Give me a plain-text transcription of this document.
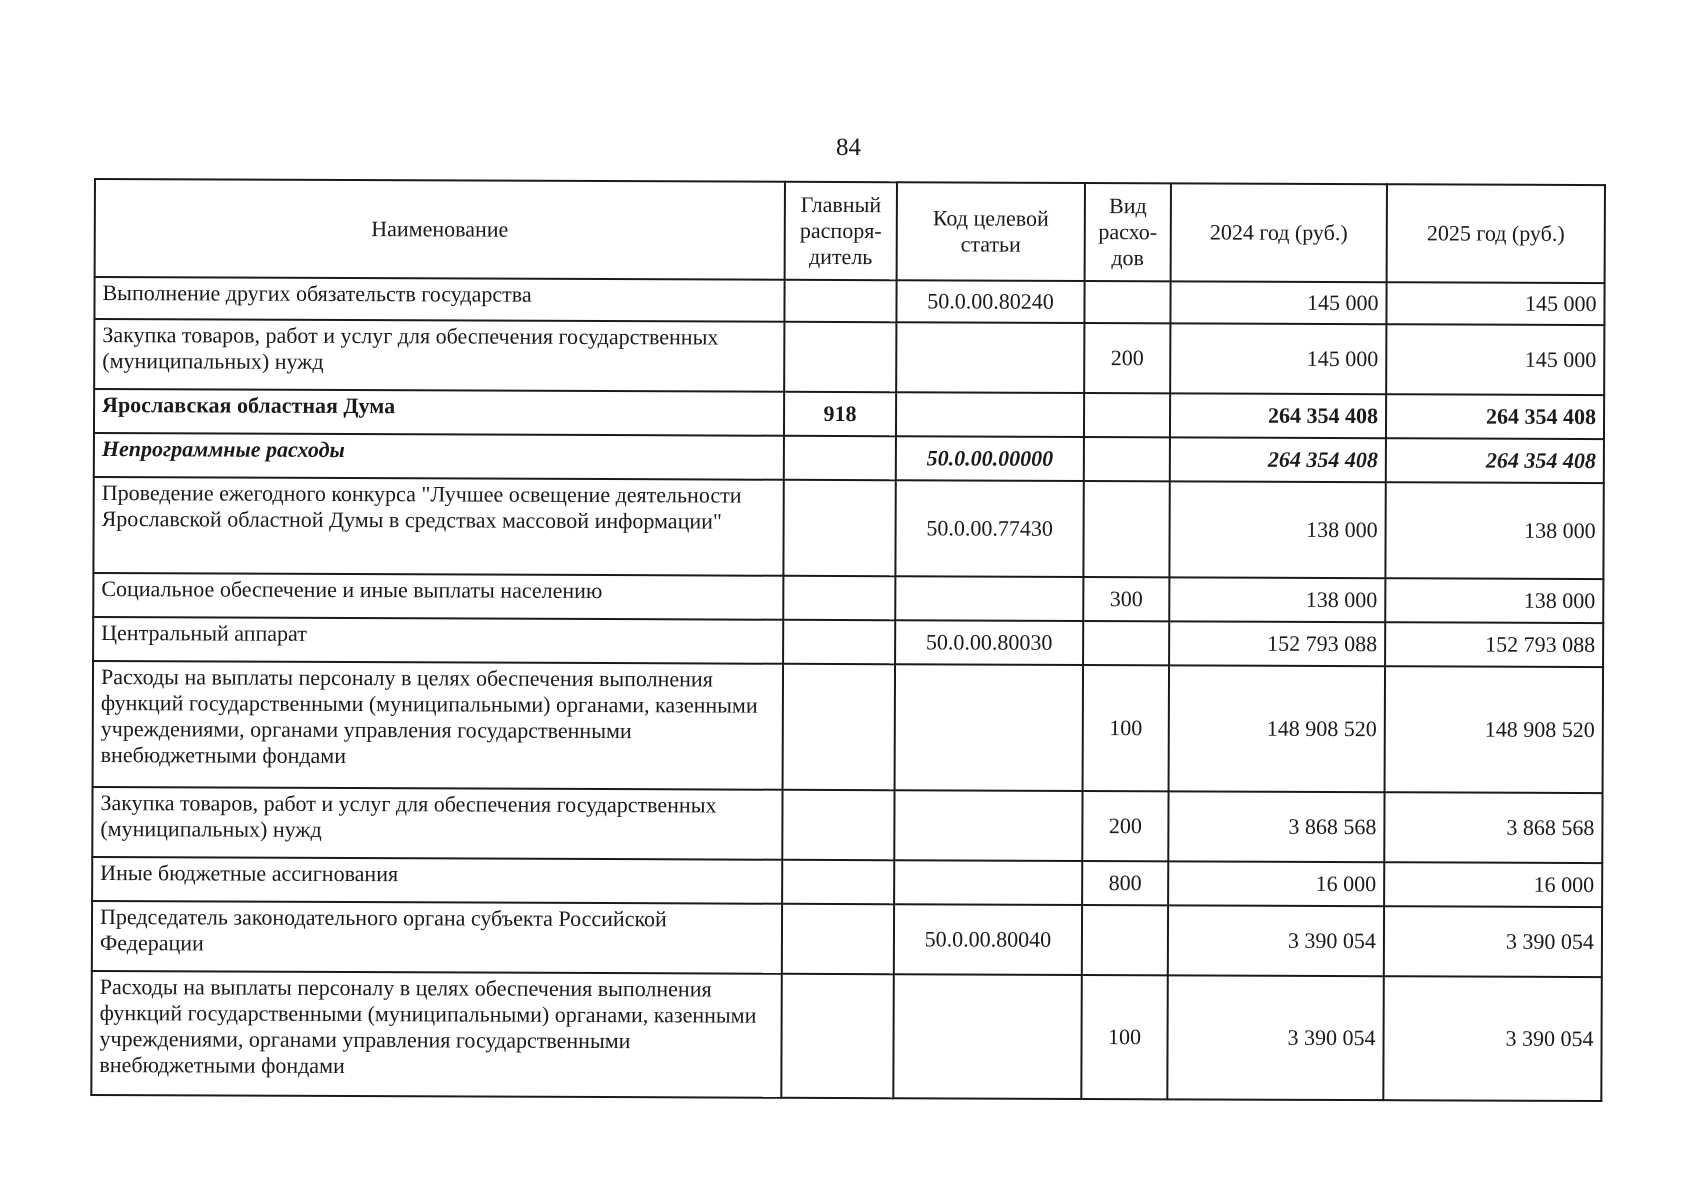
84
Наименование	Главный распоря-дитель	Код целевой статьи	Вид расхо-дов	2024 год (руб.)	2025 год (руб.)
Выполнение других обязательств государства		50.0.00.80240		145 000	145 000
Закупка товаров, работ и услуг для обеспечения государственных (муниципальных) нужд			200	145 000	145 000
Ярославская областная Дума	918			264 354 408	264 354 408
Непрограммные расходы		50.0.00.00000		264 354 408	264 354 408
Проведение ежегодного конкурса "Лучшее освещение деятельности Ярославской областной Думы в средствах массовой информации"		50.0.00.77430		138 000	138 000
Социальное обеспечение и иные выплаты населению			300	138 000	138 000
Центральный аппарат		50.0.00.80030		152 793 088	152 793 088
Расходы на выплаты персоналу в целях обеспечения выполнения функций государственными (муниципальными) органами, казенными учреждениями, органами управления государственными внебюджетными фондами			100	148 908 520	148 908 520
Закупка товаров, работ и услуг для обеспечения государственных (муниципальных) нужд			200	3 868 568	3 868 568
Иные бюджетные ассигнования			800	16 000	16 000
Председатель законодательного органа субъекта Российской Федерации		50.0.00.80040		3 390 054	3 390 054
Расходы на выплаты персоналу в целях обеспечения выполнения функций государственными (муниципальными) органами, казенными учреждениями, органами управления государственными внебюджетными фондами			100	3 390 054	3 390 054
